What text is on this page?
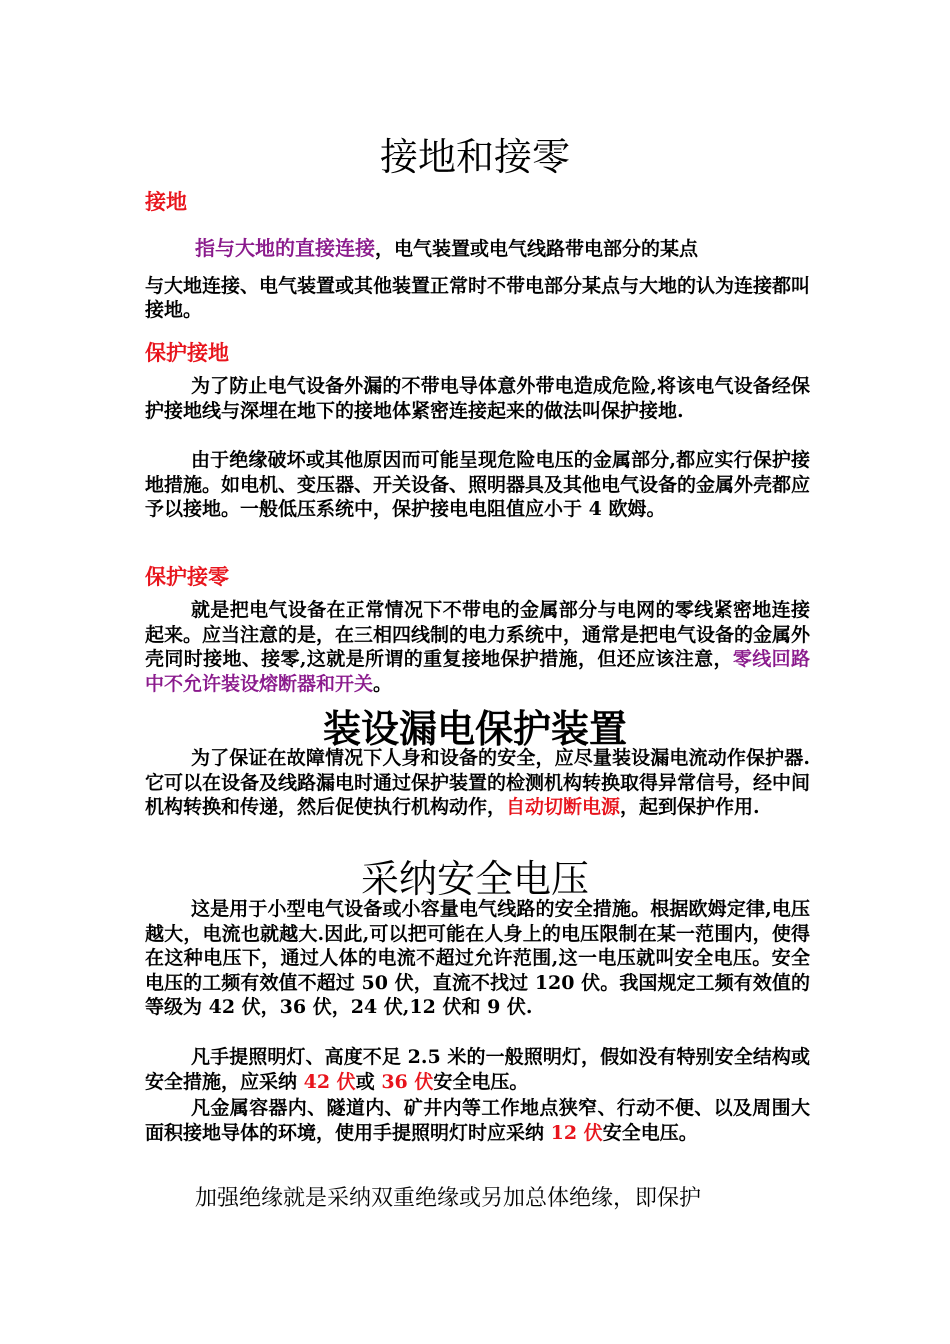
接地和接零
接地
指与大地的直接连接，电气装置或电气线路带电部分的某点
与大地连接、电气装置或其他装置正常时不带电部分某点与大地的认为连接都叫接地。
保护接地
为了防止电气设备外漏的不带电导体意外带电造成危险,将该电气设备经保护接地线与深埋在地下的接地体紧密连接起来的做法叫保护接地.
由于绝缘破坏或其他原因而可能呈现危险电压的金属部分,都应实行保护接地措施。如电机、变压器、开关设备、照明器具及其他电气设备的金属外壳都应予以接地。一般低压系统中，保护接电电阻值应小于 4 欧姆。
保护接零
就是把电气设备在正常情况下不带电的金属部分与电网的零线紧密地连接起来。应当注意的是，在三相四线制的电力系统中，通常是把电气设备的金属外壳同时接地、接零,这就是所谓的重复接地保护措施，但还应该注意，零线回路中不允许装设熔断器和开关。
装设漏电保护装置
为了保证在故障情况下人身和设备的安全，应尽量装设漏电流动作保护器.它可以在设备及线路漏电时通过保护装置的检测机构转换取得异常信号，经中间机构转换和传递，然后促使执行机构动作，自动切断电源，起到保护作用.
采纳安全电压
这是用于小型电气设备或小容量电气线路的安全措施。根据欧姆定律,电压越大，电流也就越大.因此,可以把可能在人身上的电压限制在某一范围内，使得在这种电压下，通过人体的电流不超过允许范围,这一电压就叫安全电压。安全电压的工频有效值不超过 50 伏，直流不找过 120 伏。我国规定工频有效值的等级为 42 伏，36 伏，24 伏,12 伏和 9 伏.
凡手提照明灯、高度不足 2.5 米的一般照明灯，假如没有特别安全结构或安全措施，应采纳 42 伏或 36 伏安全电压。
凡金属容器内、隧道内、矿井内等工作地点狭窄、行动不便、以及周围大面积接地导体的环境，使用手提照明灯时应采纳 12 伏安全电压。
加强绝缘就是采纳双重绝缘或另加总体绝缘，即保护
